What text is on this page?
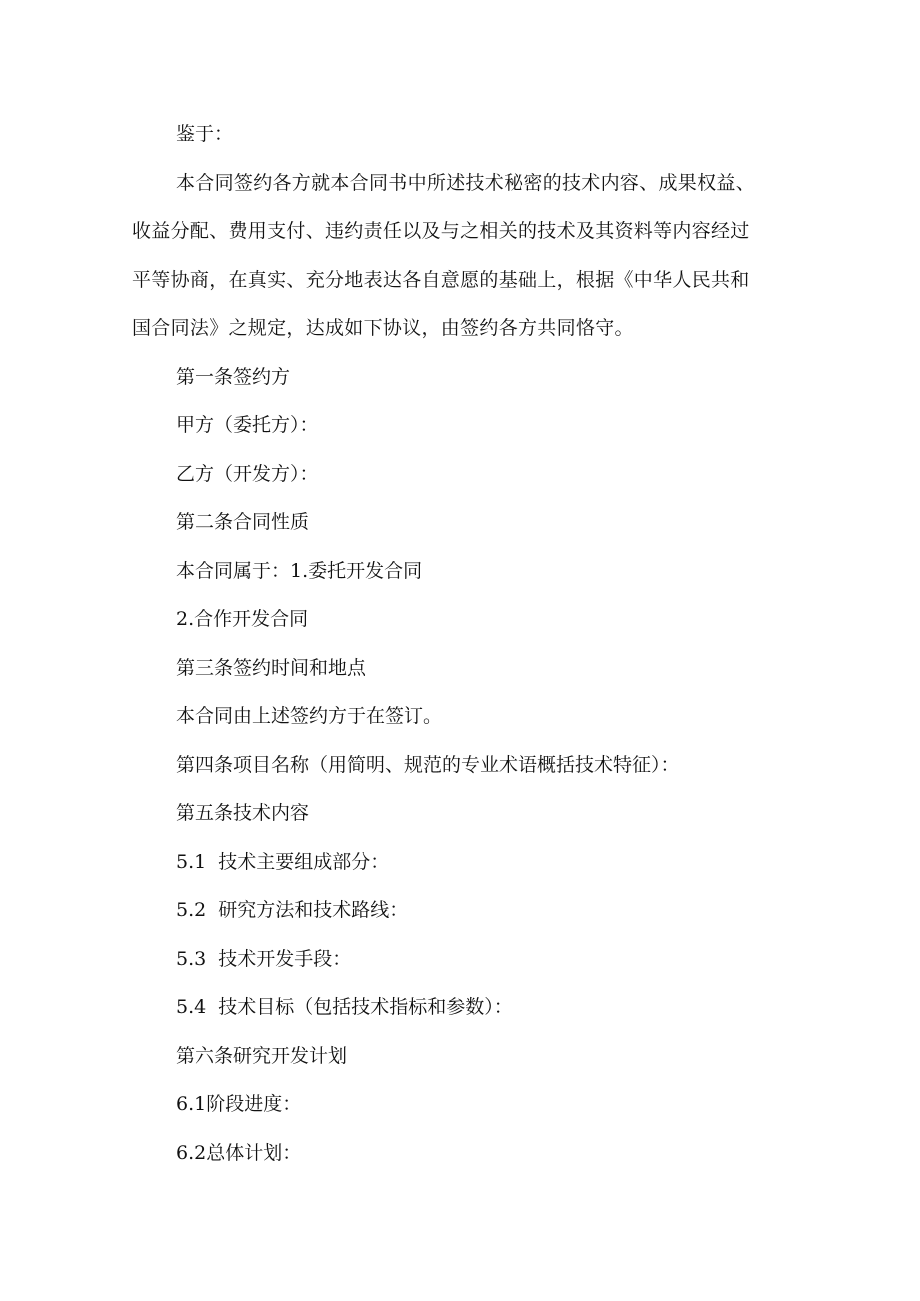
鉴于：
本合同签约各方就本合同书中所述技术秘密的技术内容、成果权益、
收益分配、费用支付、违约责任以及与之相关的技术及其资料等内容经过
平等协商，在真实、充分地表达各自意愿的基础上，根据《中华人民共和
国合同法》之规定，达成如下协议，由签约各方共同恪守。
第一条签约方
甲方（委托方）：
乙方（开发方）：
第二条合同性质
本合同属于：1.委托开发合同
2.合作开发合同
第三条签约时间和地点
本合同由上述签约方于在签订。
第四条项目名称（用简明、规范的专业术语概括技术特征）：
第五条技术内容
5.1 技术主要组成部分：
5.2 研究方法和技术路线：
5.3 技术开发手段：
5.4 技术目标（包括技术指标和参数）：
第六条研究开发计划
6.1阶段进度：
6.2总体计划：
